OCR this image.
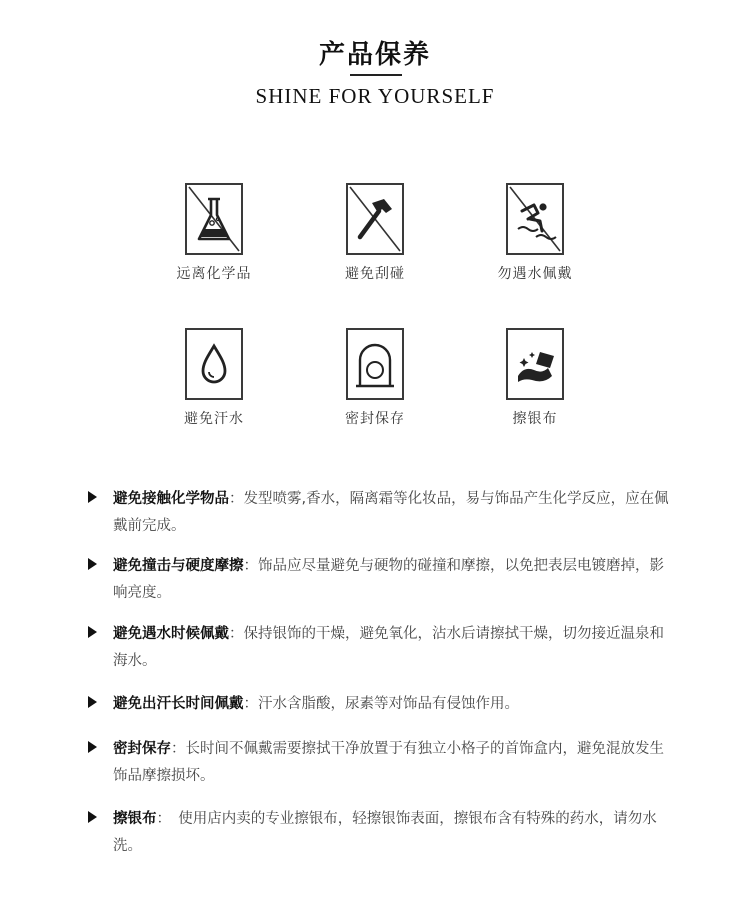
产品保养
SHINE FOR YOURSELF
远离化学品	避免刮碰	勿遇水佩戴
避免汗水	密封保存	擦银布
避免接触化学物品：发型喷雾,香水，隔离霜等化妆品，易与饰品产生化学反应，应在佩戴前完成。
避免撞击与硬度摩擦：饰品应尽量避免与硬物的碰撞和摩擦，以免把表层电镀磨掉，影响亮度。
避免遇水时候佩戴：保持银饰的干燥，避免氧化，沾水后请擦拭干燥，切勿接近温泉和海水。
避免出汗长时间佩戴：汗水含脂酸，尿素等对饰品有侵蚀作用。
密封保存：长时间不佩戴需要擦拭干净放置于有独立小格子的首饰盒内，避免混放发生饰品摩擦损坏。
擦银布：　使用店内卖的专业擦银布，轻擦银饰表面，擦银布含有特殊的药水，请勿水洗。
